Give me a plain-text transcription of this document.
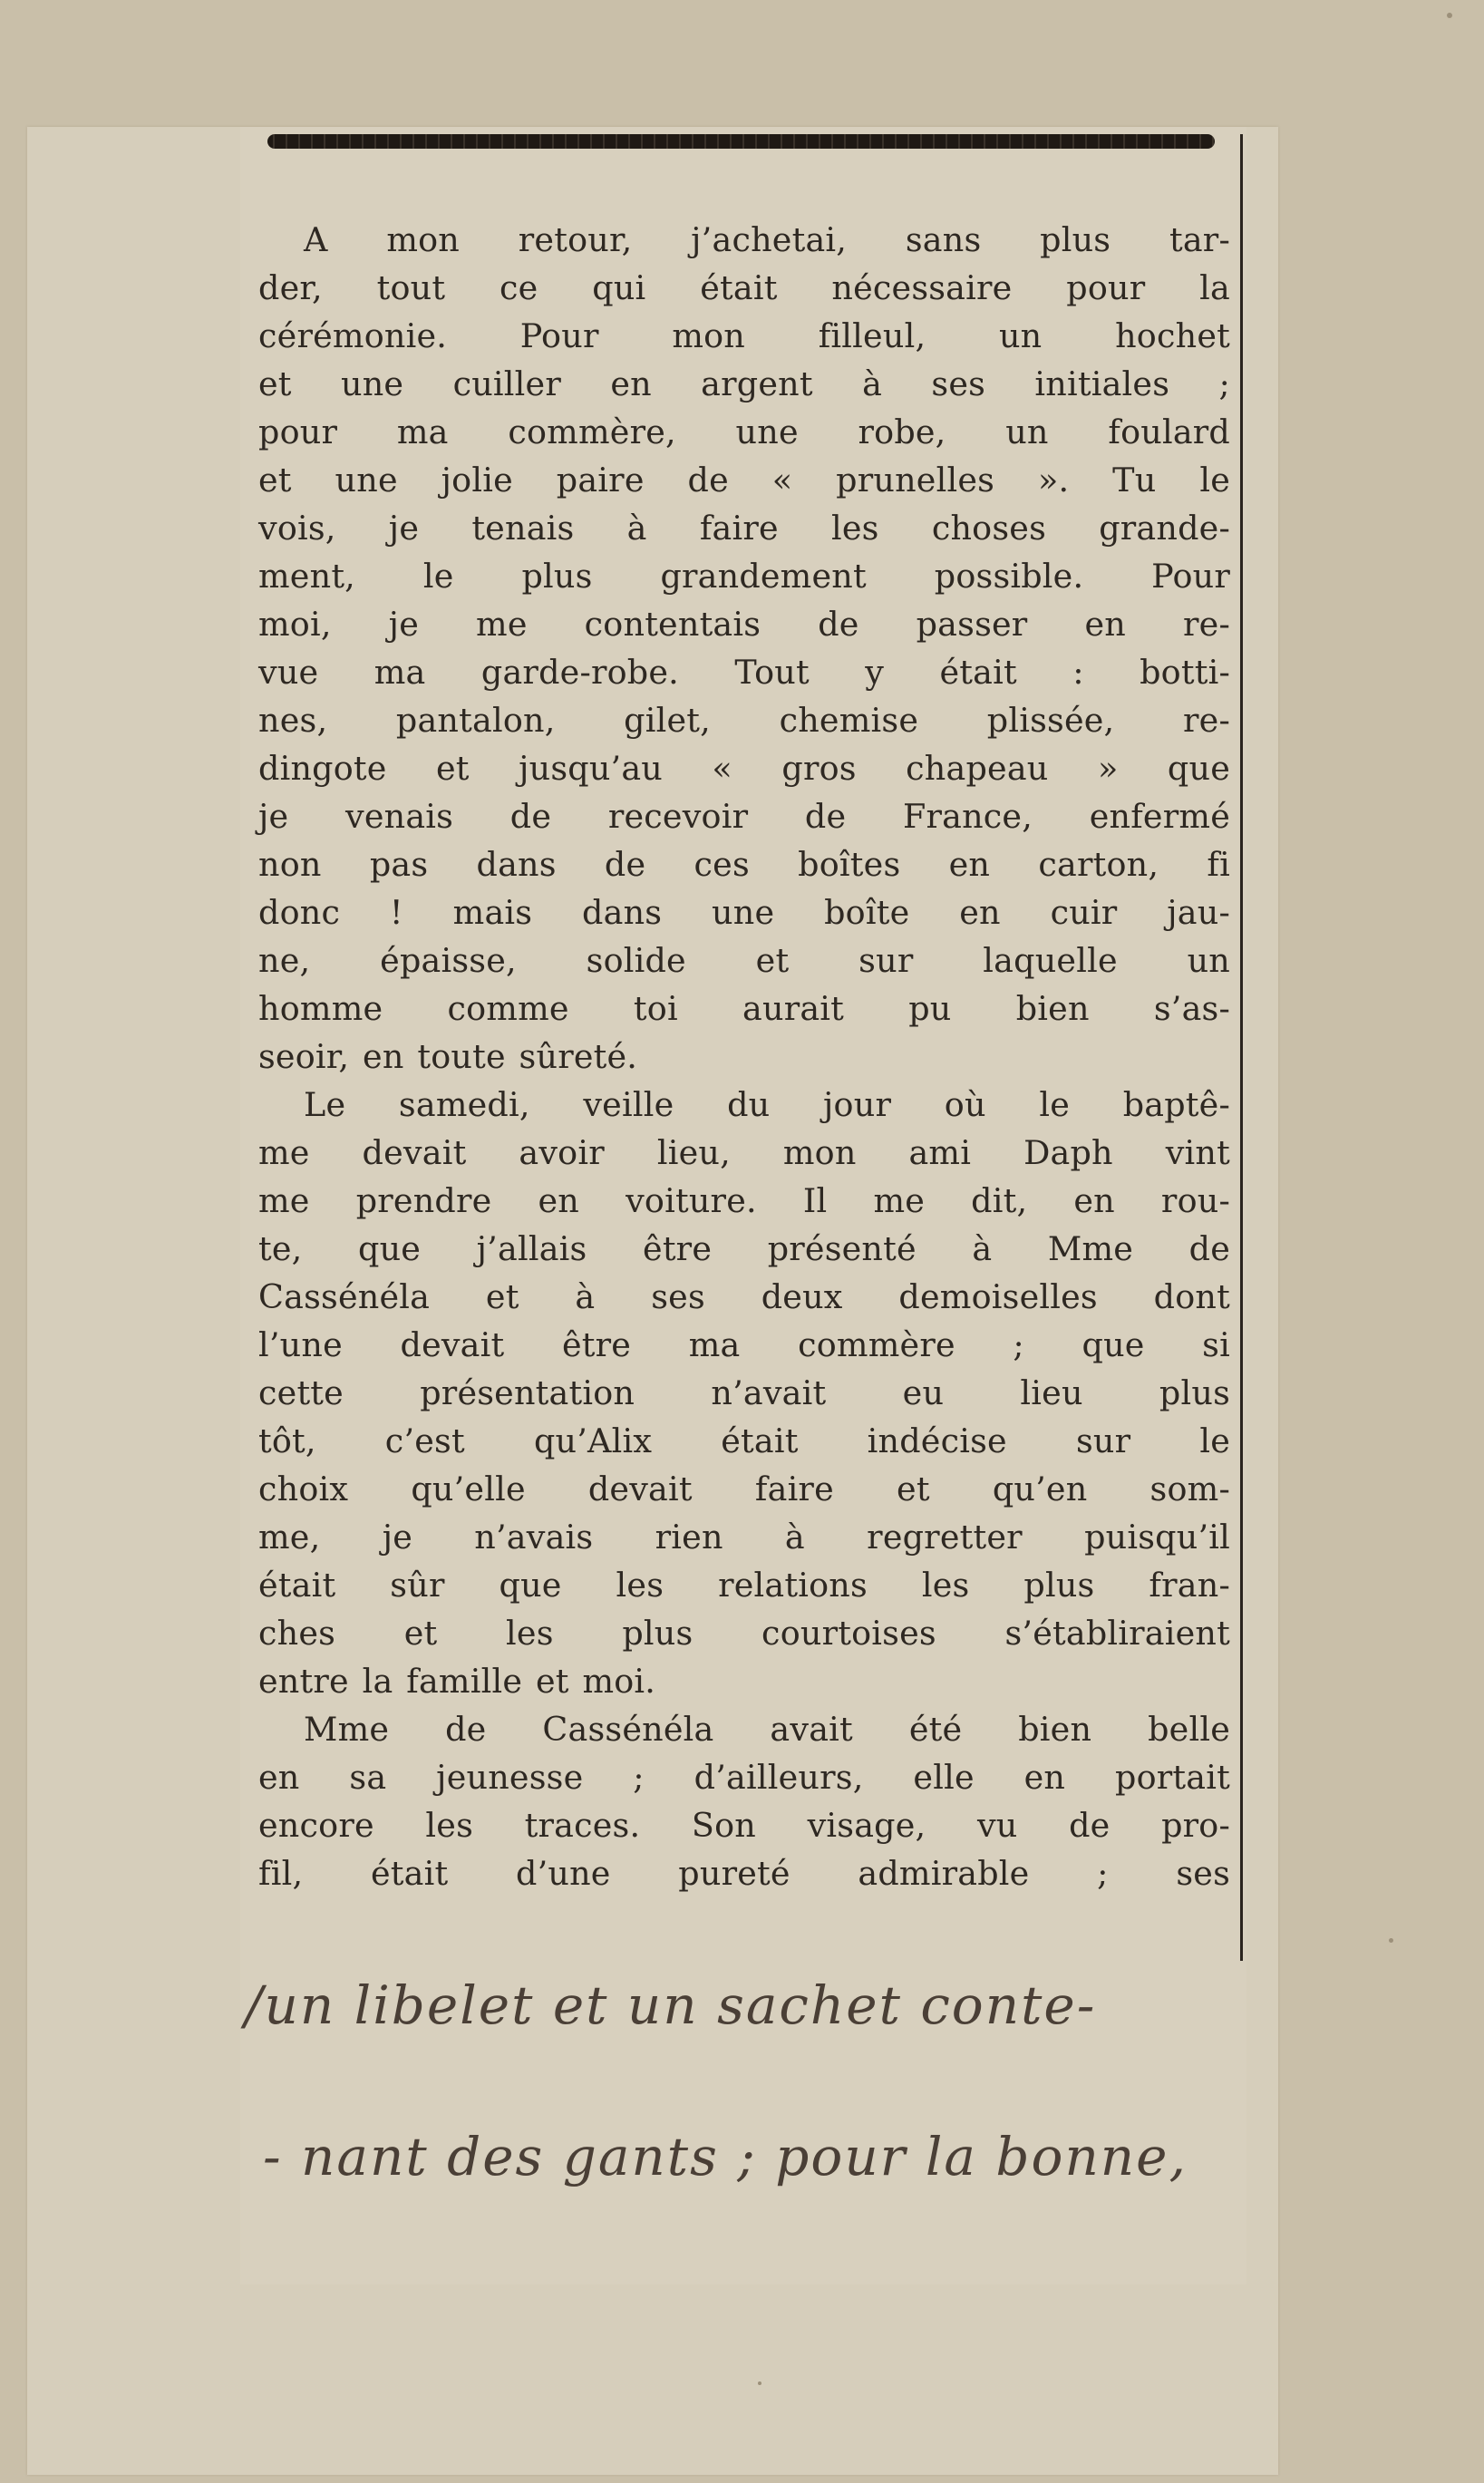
A mon retour, j’achetai, sans plus tar-
der, tout ce qui était nécessaire pour la
cérémonie. Pour mon filleul, un hochet
et une cuiller en argent à ses initiales ;
pour ma commère, une robe, un foulard
et une jolie paire de « prunelles ». Tu le
vois, je tenais à faire les choses grande-
ment, le plus grandement possible. Pour
moi, je me contentais de passer en re-
vue ma garde-robe. Tout y était : botti-
nes, pantalon, gilet, chemise plissée, re-
dingote et jusqu’au « gros chapeau » que
je venais de recevoir de France, enfermé
non pas dans de ces boîtes en carton, fi
donc ! mais dans une boîte en cuir jau-
ne, épaisse, solide et sur laquelle un
homme comme toi aurait pu bien s’as-
seoir, en toute sûreté.

Le samedi, veille du jour où le baptê-
me devait avoir lieu, mon ami Daph vint
me prendre en voiture. Il me dit, en rou-
te, que j’allais être présenté à Mme de
Cassénéla et à ses deux demoiselles dont
l’une devait être ma commère ; que si
cette présentation n’avait eu lieu plus
tôt, c’est qu’Alix était indécise sur le
choix qu’elle devait faire et qu’en som-
me, je n’avais rien à regretter puisqu’il
était sûr que les relations les plus fran-
ches et les plus courtoises s’établiraient
entre la famille et moi.

Mme de Cassénéla avait été bien belle
en sa jeunesse ; d’ailleurs, elle en portait
encore les traces. Son visage, vu de pro-
fil, était d’une pureté admirable ; ses

/un libelet et un sachet conte-
- nant des gants ; pour la bonne,
